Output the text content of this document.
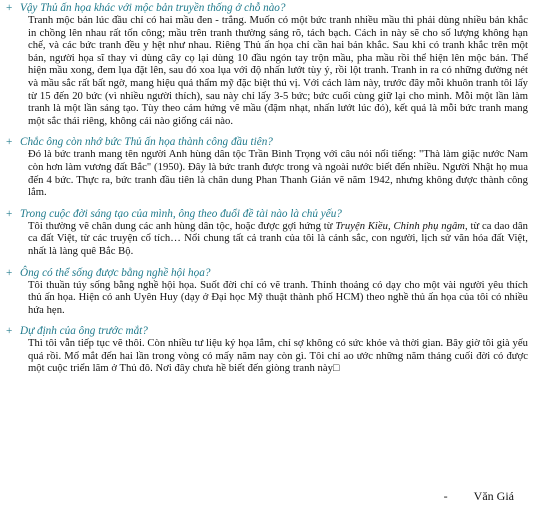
+ Vậy Thủ ấn họa khác với mộc bản truyền thống ở chỗ nào?

Tranh mộc bản lúc đầu chỉ có hai mầu đen - trắng. Muốn có một bức tranh nhiều mầu thì phải dùng nhiều bản khắc in chồng lên nhau rất tốn công; mầu trên tranh thường sáng rõ, tách bạch. Cách in này sẽ cho số lượng không hạn chế, và các bức tranh đều y hệt như nhau. Riêng Thủ ấn họa chỉ cần hai bản khắc. Sau khi có tranh khắc trên một bản, người họa sĩ thay vì dùng cây cọ lại dùng 10 đầu ngón tay trộn mầu, pha mầu rồi thể hiện lên mộc bản. Thể hiện mầu xong, đem lụa đặt lên, sau đó xoa lụa với độ nhấn lướt tùy ý, rồi lột tranh. Tranh in ra có những đường nét và mầu sắc rất bất ngờ, mang hiệu quả thẩm mỹ đặc biệt thú vị. Với cách làm này, trước đây mỗi khuôn tranh tôi lấy từ 15 đến 20 bức (vì nhiều người thích), sau này chỉ lấy 3-5 bức; bức cuối cùng giữ lại cho mình. Mỗi một lần làm tranh là một lần sáng tạo. Tùy theo cảm hứng vẽ mầu (đậm nhạt, nhấn lướt lúc đó), kết quả là mỗi bức tranh mang một sắc thái riêng, không cái nào giống cái nào.

+ Chắc ông còn nhớ bức Thủ ấn họa thành công đầu tiên?

Đó là bức tranh mang tên người Anh hùng dân tộc Trần Bình Trọng với câu nói nổi tiếng: "Thà làm giặc nước Nam còn hơn làm vương đất Bắc" (1950). Đây là bức tranh được trong và ngoài nước biết đến nhiều. Người Nhật họ mua đến 4 bức. Thực ra, bức tranh đầu tiên là chân dung Phan Thanh Giản vẽ năm 1942, nhưng không được thành công lắm.

+ Trong cuộc đời sáng tạo của mình, ông theo đuổi đề tài nào là chủ yếu?

Tôi thường vẽ chân dung các anh hùng dân tộc, hoặc được gợi hứng từ Truyện Kiều, Chinh phụ ngâm, từ ca dao dân ca đất Việt, từ các truyện cổ tích… Nổi chung tất cả tranh của tôi là cảnh sắc, con người, lịch sử văn hóa đất Việt, nhất là làng quê Bắc Bộ.

+ Ông có thể sống được bằng nghề hội họa?

Tôi thuần túy sống bằng nghề hội họa. Suốt đời chỉ có vẽ tranh. Thỉnh thoảng có dạy cho một vài người yêu thích thủ ấn họa. Hiện có anh Uyên Huy (dạy ở Đại học Mỹ thuật thành phố HCM) theo nghề thủ ấn họa của tôi có nhiều hứa hẹn.

+ Dự định của ông trước mắt?

Thì tôi vẫn tiếp tục vẽ thôi. Còn nhiều tư liệu ký họa lắm, chỉ sợ không có sức khỏe và thời gian. Bây giờ tôi già yếu quá rồi. Mổ mắt đến hai lần trong vòng có mấy năm nay còn gì. Tôi chỉ ao ước những năm tháng cuối đời có được một cuộc triển lãm ở Thủ đô. Nơi đây chưa hề biết đến giòng tranh này□

- Văn Giá
